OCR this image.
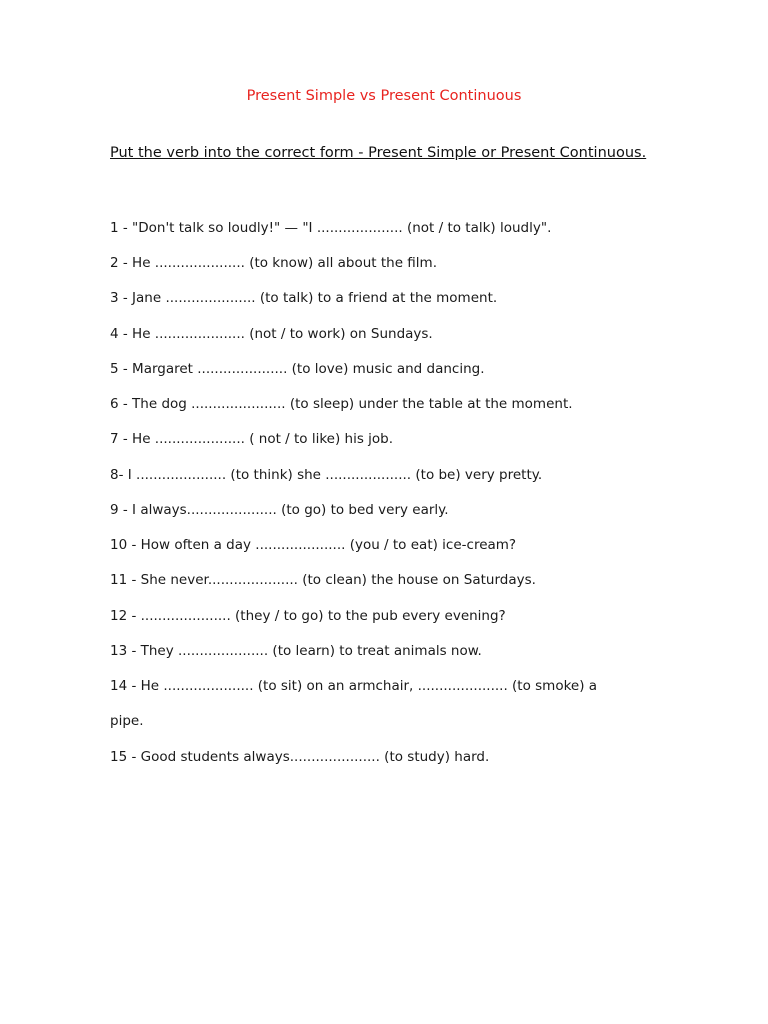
Present Simple vs Present Continuous
Put the verb into the correct form - Present Simple or Present Continuous.
1 - "Don't talk so loudly!" — "I .................... (not / to talk) loudly".
2 - He ..................... (to know) all about the film.
3 - Jane ..................... (to talk) to a friend at the moment.
4 - He ..................... (not / to work) on Sundays.
5 - Margaret ..................... (to love) music and dancing.
6 - The dog ...................... (to sleep) under the table at the moment.
7 - He ..................... ( not / to like) his job.
8- I ..................... (to think) she .................... (to be) very pretty.
9 - I always..................... (to go) to bed very early.
10 - How often a day ..................... (you / to eat) ice-cream?
11 - She never..................... (to clean) the house on Saturdays.
12 - ..................... (they / to go) to the pub every evening?
13 - They ..................... (to learn) to treat animals now.
14 - He ..................... (to sit) on an armchair, ..................... (to smoke) a
pipe.
15 - Good students always..................... (to study) hard.
